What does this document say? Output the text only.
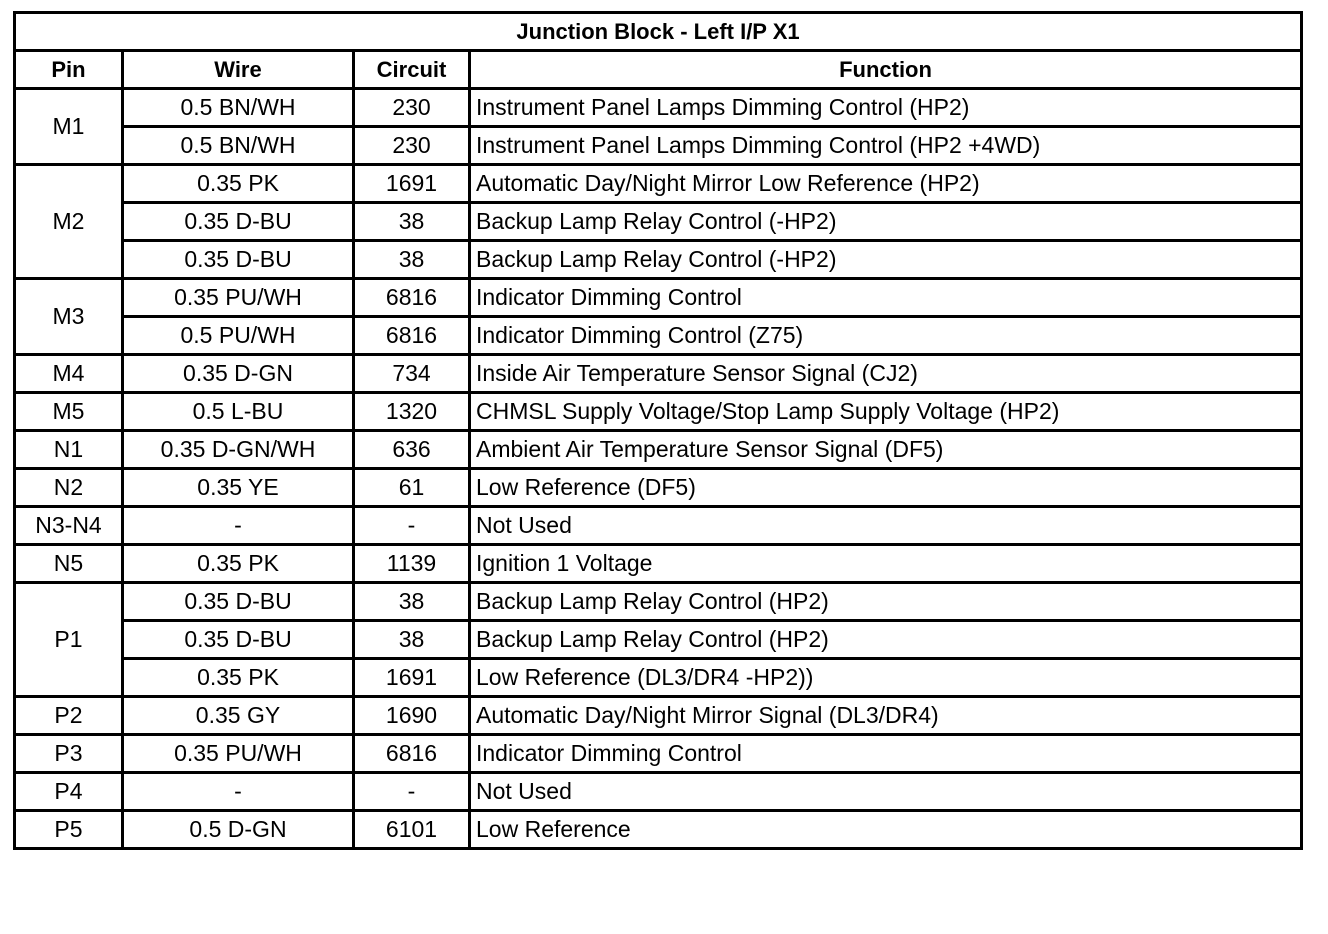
Junction Block - Left I/P X1			
Pin	Wire	Circuit	Function
M1	0.5 BN/WH	230	Instrument Panel Lamps Dimming Control (HP2)
	0.5 BN/WH	230	Instrument Panel Lamps Dimming Control (HP2 +4WD)
M2	0.35 PK	1691	Automatic Day/Night Mirror Low Reference (HP2)
	0.35 D-BU	38	Backup Lamp Relay Control (-HP2)
	0.35 D-BU	38	Backup Lamp Relay Control (-HP2)
M3	0.35 PU/WH	6816	Indicator Dimming Control
	0.5 PU/WH	6816	Indicator Dimming Control (Z75)
M4	0.35 D-GN	734	Inside Air Temperature Sensor Signal (CJ2)
M5	0.5 L-BU	1320	CHMSL Supply Voltage/Stop Lamp Supply Voltage (HP2)
N1	0.35 D-GN/WH	636	Ambient Air Temperature Sensor Signal (DF5)
N2	0.35 YE	61	Low Reference (DF5)
N3-N4	-	-	Not Used
N5	0.35 PK	1139	Ignition 1 Voltage
P1	0.35 D-BU	38	Backup Lamp Relay Control (HP2)
	0.35 D-BU	38	Backup Lamp Relay Control (HP2)
	0.35 PK	1691	Low Reference (DL3/DR4 -HP2))
P2	0.35 GY	1690	Automatic Day/Night Mirror Signal (DL3/DR4)
P3	0.35 PU/WH	6816	Indicator Dimming Control
P4	-	-	Not Used
P5	0.5 D-GN	6101	Low Reference
